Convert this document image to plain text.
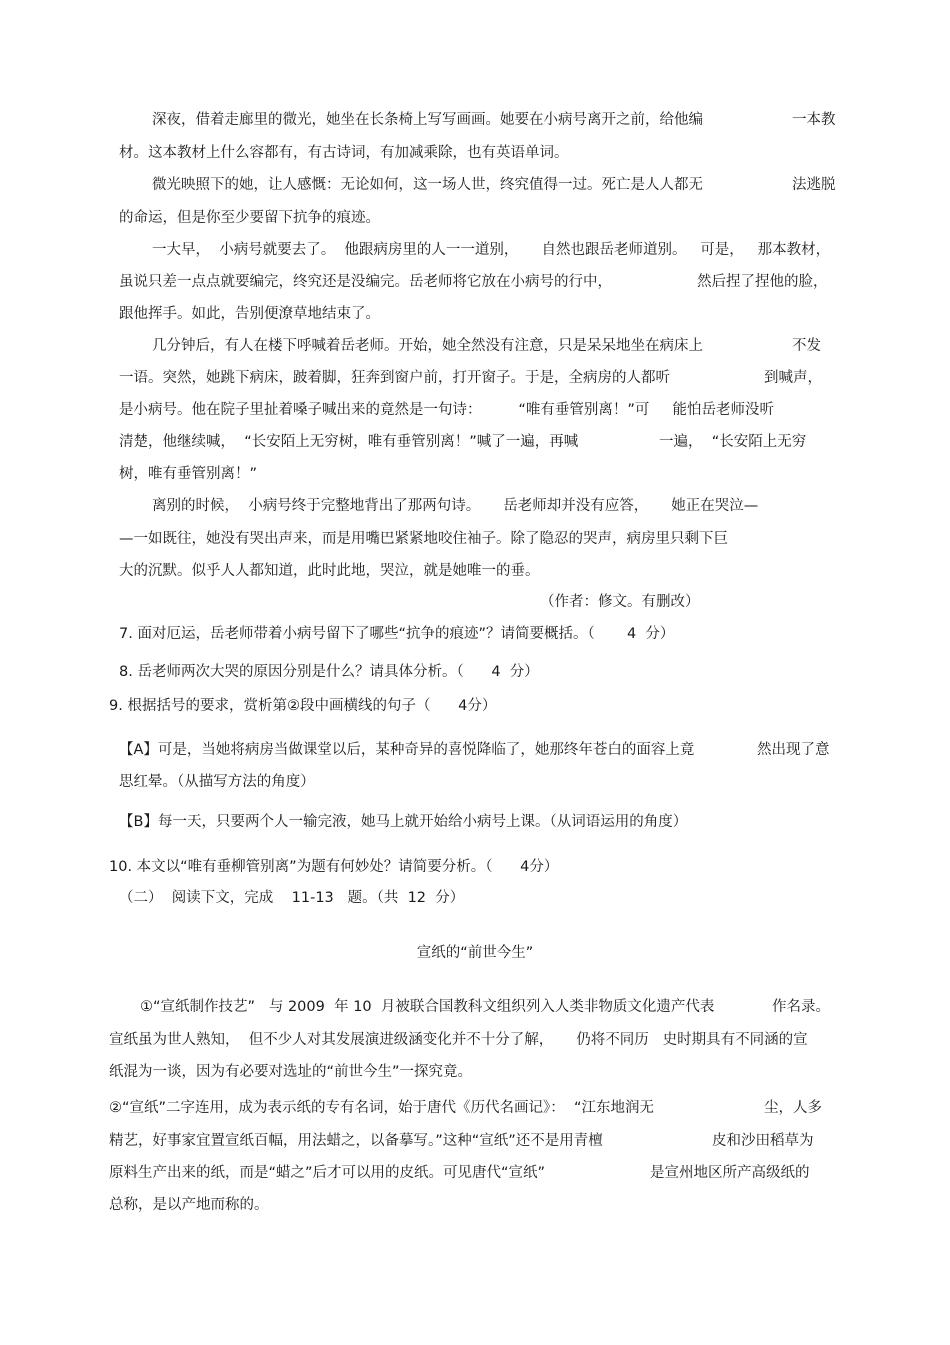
深夜，借着走廊里的微光，她坐在长条椅上写写画画。她要在小病号离开之前，给他编	一本教
材。这本教材上什么容都有，有古诗词，有加减乘除，也有英语单词。
微光映照下的她，让人感慨：无论如何，这一场人世，终究值得一过。死亡是人人都无	法逃脱
的命运，但是你至少要留下抗争的痕迹。
一大早，  小病号就要去了。  他跟病房里的人一一道别，     自然也跟岳老师道别。   可是，   那本教材，
虽说只差一点点就要编完，终究还是没编完。岳老师将它放在小病号的行中，	然后捏了捏他的脸，
跟他挥手。如此，告别便潦草地结束了。
几分钟后，有人在楼下呼喊着岳老师。开始，她全然没有注意，只是呆呆地坐在病床上	不发
一语。突然，她跳下病床，跛着脚，狂奔到窗户前，打开窗子。于是，全病房的人都听	到喊声，
是小病号。他在院子里扯着嗓子喊出来的竟然是一句诗：        “唯有垂管别离！”可     能怕岳老师没听
清楚，他继续喊，  “长安陌上无穷树，唯有垂管别离！”喊了一遍，再喊	一遍，  “长安陌上无穷
树，唯有垂管别离！”
离别的时候，  小病号终于完整地背出了那两句诗。     岳老师却并没有应答，     她正在哭泣—
—一如既往，她没有哭出声来，而是用嘴巴紧紧地咬住袖子。除了隐忍的哭声，病房里只剩下巨
大的沉默。似乎人人都知道，此时此地，哭泣，就是她唯一的垂。
（作者：修文。有删改）
7. 面对厄运，岳老师带着小病号留下了哪些“抗争的痕迹”？请简要概括。（       4  分）
8. 岳老师两次大哭的原因分别是什么？请具体分析。（      4  分）
9. 根据括号的要求，赏析第②段中画横线的句子（      4分）
【A】可是，当她将病房当做课堂以后，某种奇异的喜悦降临了，她那终年苍白的面容上竟	然出现了意
思红晕。（从描写方法的角度）
【B】每一天，只要两个人一输完液，她马上就开始给小病号上课。（从词语运用的角度）
10. 本文以“唯有垂柳管别离”为题有何妙处？请简要分析。（      4分）
（二）  阅读下文，完成    11-13   题。（共  12  分）
宣纸的“前世今生”
①“宣纸制作技艺”   与 2009  年 10  月被联合国教科文组织列入人类非物质文化遗产代表	作名录。
宣纸虽为世人熟知，  但不少人对其发展演进级涵变化并不十分了解，     仍将不同历   史时期具有不同涵的宣
纸混为一谈，因为有必要对选址的“前世今生”一探究竟。
②“宣纸”二字连用，成为表示纸的专有名词，始于唐代《历代名画记》：  “江东地润无	尘，人多
精艺，好事家宜置宣纸百幅，用法蜡之，以备摹写。”这种“宣纸”还不是用青檀	皮和沙田稻草为
原料生产出来的纸，而是“蜡之”后才可以用的皮纸。可见唐代“宣纸”	是宣州地区所产高级纸的
总称，是以产地而称的。
